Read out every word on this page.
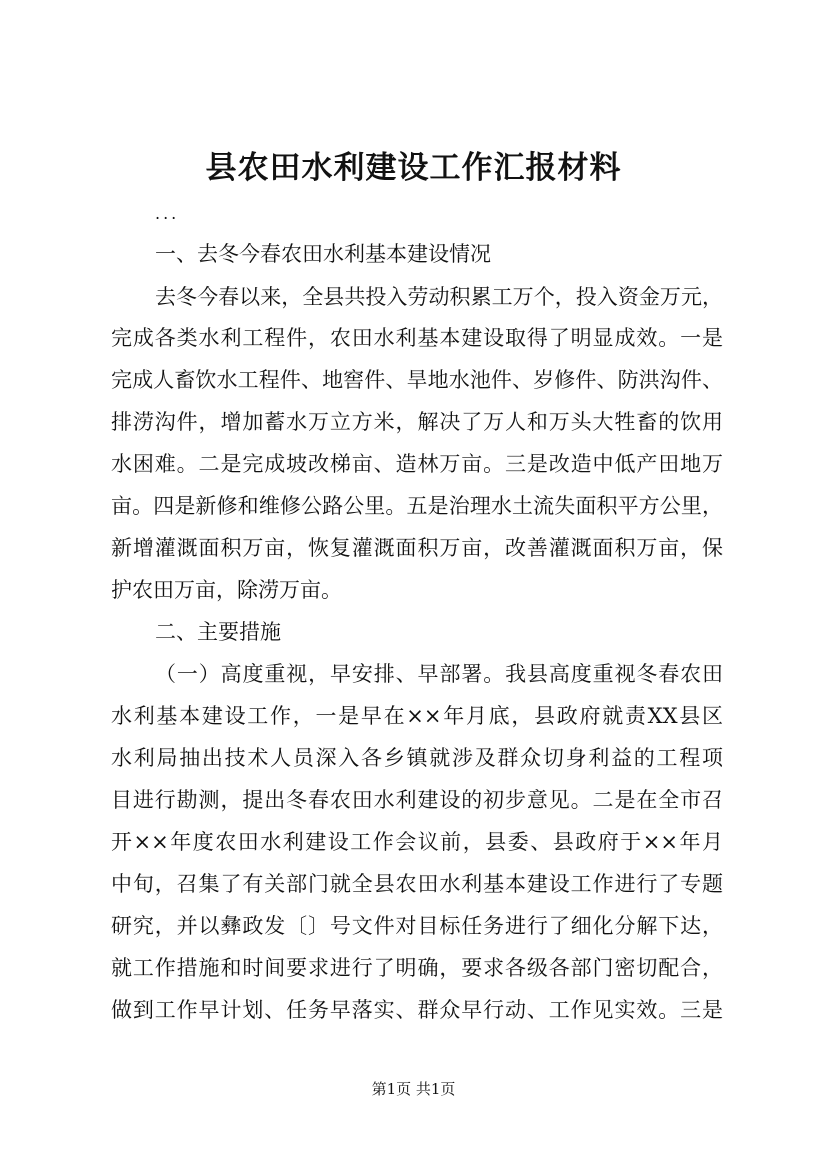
县农田水利建设工作汇报材料
...
一、去冬今春农田水利基本建设情况
去冬今春以来，全县共投入劳动积累工万个，投入资金万元，
完成各类水利工程件，农田水利基本建设取得了明显成效。一是
完成人畜饮水工程件、地窖件、旱地水池件、岁修件、防洪沟件、
排涝沟件，增加蓄水万立方米，解决了万人和万头大牲畜的饮用
水困难。二是完成坡改梯亩、造林万亩。三是改造中低产田地万
亩。四是新修和维修公路公里。五是治理水土流失面积平方公里，
新增灌溉面积万亩，恢复灌溉面积万亩，改善灌溉面积万亩，保
护农田万亩，除涝万亩。
二、主要措施
（一）高度重视，早安排、早部署。我县高度重视冬春农田
水利基本建设工作，一是早在××年月底，县政府就责XX县区
水利局抽出技术人员深入各乡镇就涉及群众切身利益的工程项
目进行勘测，提出冬春农田水利建设的初步意见。二是在全市召
开××年度农田水利建设工作会议前，县委、县政府于××年月
中旬，召集了有关部门就全县农田水利基本建设工作进行了专题
研究，并以彝政发〔〕号文件对目标任务进行了细化分解下达，
就工作措施和时间要求进行了明确，要求各级各部门密切配合，
做到工作早计划、任务早落实、群众早行动、工作见实效。三是
第1页 共1页
